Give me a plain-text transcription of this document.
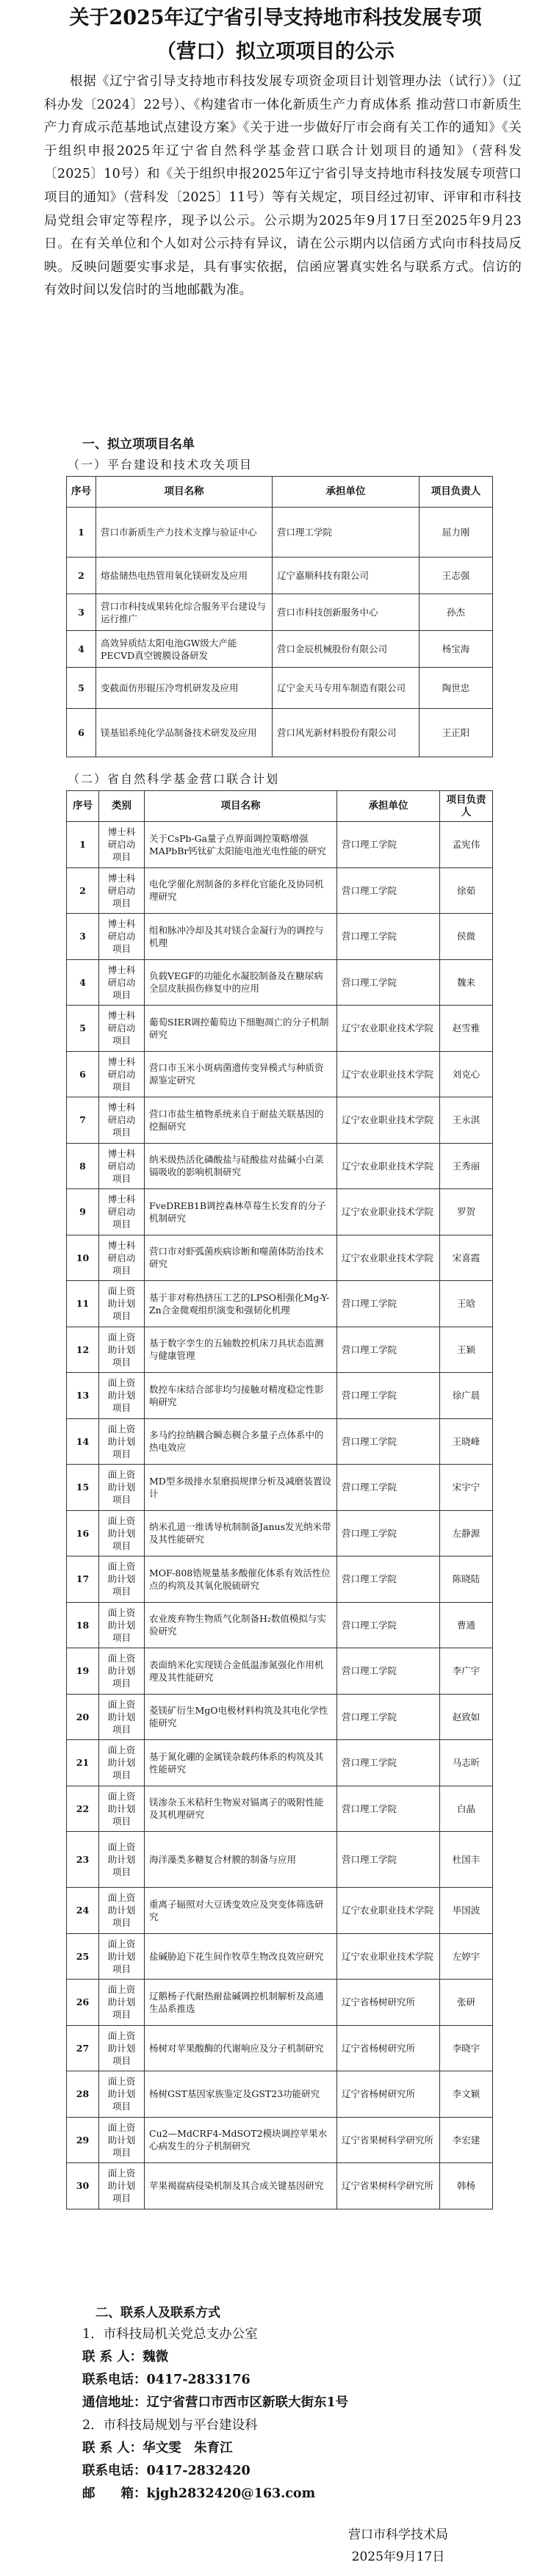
关于2025年辽宁省引导支持地市科技发展专项
（营口）拟立项项目的公示

根据《辽宁省引导支持地市科技发展专项资金项目计划管理办法（试行）》（辽科办发〔2024〕22号）、《构建省市一体化新质生产力育成体系 推动营口市新质生产力育成示范基地试点建设方案》《关于进一步做好厅市会商有关工作的通知》《关于组织申报2025年辽宁省自然科学基金营口联合计划项目的通知》（营科发〔2025〕10号）和《关于组织申报2025年辽宁省引导支持地市科技发展专项营口项目的通知》（营科发〔2025〕11号）等有关规定，项目经过初审、评审和市科技局党组会审定等程序，现予以公示。公示期为2025年9月17日至2025年9月23日。在有关单位和个人如对公示持有异议，请在公示期内以信函方式向市科技局反映。反映问题要实事求是，具有事实依据，信函应署真实姓名与联系方式。信访的有效时间以发信时的当地邮戳为准。

一、拟立项项目名单
（一）平台建设和技术攻关项目
序号	项目名称	承担单位	项目负责人
1	营口市新质生产力技术支撑与验证中心	营口理工学院	屈力刚
2	熔盐储热电热管用氧化镁研发及应用	辽宁嘉顺科技有限公司	王志强
3	营口市科技成果转化综合服务平台建设与运行推广	营口市科技创新服务中心	孙杰
4	高效异质结太阳电池GW级大产能PECVD真空镀膜设备研发	营口金辰机械股份有限公司	杨宝海
5	变截面仿形辊压冷弯机研发及应用	辽宁金天马专用车制造有限公司	陶世忠
6	镁基铝系纯化学品制备技术研发及应用	营口风光新材料股份有限公司	王正阳
（二）省自然科学基金营口联合计划
序号	类别	项目名称	承担单位	项目负责人
1	博士科研启动项目	关于CsPb-Ga量子点界面调控策略增强MAPbBr钙钛矿太阳能电池光电性能的研究	营口理工学院	孟宪伟
2	博士科研启动项目	电化学催化剂制备的多样化官能化及协同机理研究	营口理工学院	徐茹
3	博士科研启动项目	组和脉冲冷却及其对镁合金凝行为的调控与机理	营口理工学院	侯微
4	博士科研启动项目	负载VEGF的功能化水凝胶制备及在糖尿病全层皮肤损伤修复中的应用	营口理工学院	魏来
5	博士科研启动项目	葡萄SIER调控葡萄边下细胞凋亡的分子机制研究	辽宁农业职业技术学院	赵雪雅
6	博士科研启动项目	营口市玉米小斑病菌遗传变异模式与种质资源鉴定研究	辽宁农业职业技术学院	刘克心
7	博士科研启动项目	营口市盐生植物系统来自于耐盐关联基因的挖掘研究	辽宁农业职业技术学院	王永淇
8	博士科研启动项目	纳米级热活化磷酸盐与硅酸盐对盐碱小白菜镉吸收的影响机制研究	辽宁农业职业技术学院	王秀丽
9	博士科研启动项目	FveDREB1B调控森林草莓生长发育的分子机制研究	辽宁农业职业技术学院	罗贺
10	博士科研启动项目	营口市对虾弧菌疾病诊断和噬菌体防治技术研究	辽宁农业职业技术学院	宋喜霞
11	面上资助计划项目	基于非对称热挤压工艺的LPSO相强化Mg-Y-Zn合金微观组织演变和强韧化机理	营口理工学院	王晗
12	面上资助计划项目	基于数字孪生的五轴数控机床刀具状态监测与健康管理	营口理工学院	王颖
13	面上资助计划项目	数控车床结合部非均匀接触对精度稳定性影响研究	营口理工学院	徐广晨
14	面上资助计划项目	多马约拉纳耦合瞬态稠合多量子点体系中的热电效应	营口理工学院	王晓峰
15	面上资助计划项目	MD型多级排水泵磨损规律分析及减磨装置设计	营口理工学院	宋宇宁
16	面上资助计划项目	纳米孔道一维诱导杭制制备Janus发光纳米带及其性能研究	营口理工学院	左静源
17	面上资助计划项目	MOF-808锆规量基多酸催化体系有效活性位点的构筑及其氧化脱硫研究	营口理工学院	陈晓陆
18	面上资助计划项目	农业废弃物生物质气化制备H₂数值模拟与实验研究	营口理工学院	曹通
19	面上资助计划项目	表面纳米化实现镁合金低温渗氮强化作用机理及其性能研究	营口理工学院	李广宇
20	面上资助计划项目	菱镁矿衍生MgO电极材料构筑及其电化学性能研究	营口理工学院	赵致如
21	面上资助计划项目	基于氮化硼的金属镁杂载药体系的构筑及其性能研究	营口理工学院	马志昕
22	面上资助计划项目	镁渗杂玉米秸秆生物炭对镉离子的吸附性能及其机理研究	营口理工学院	白晶
23	面上资助计划项目	海洋藻类多糖复合材膜的制备与应用	营口理工学院	杜国丰
24	面上资助计划项目	重离子辐照对大豆诱变效应及突变体筛选研究	辽宁农业职业技术学院	毕国波
25	面上资助计划项目	盐碱胁迫下花生间作牧草生物改良效应研究	辽宁农业职业技术学院	左婷宇
26	面上资助计划项目	辽鹅杨子代耐热耐盐碱调控机制解析及高通生品系推选	辽宁省杨树研究所	张研
27	面上资助计划项目	杨树对苹果酸酶的代谢响应及分子机制研究	辽宁省杨树研究所	李晓宇
28	面上资助计划项目	杨树GST基因家族鉴定及GST23功能研究	辽宁省杨树研究所	李文颖
29	面上资助计划项目	Cu2—MdCRF4-MdSOT2模块调控苹果水心病发生的分子机制研究	辽宁省果树科学研究所	李宏建
30	面上资助计划项目	苹果褐腐病侵染机制及其合成关键基因研究	辽宁省果树科学研究所	韩杨
二、联系人及联系方式
1．市科技局机关党总支办公室
联 系 人：魏微
联系电话：0417-2833176
通信地址：辽宁省营口市西市区新联大街东1号
2．市科技局规划与平台建设科
联 系 人：华文雯　朱育江
联系电话：0417-2832420
邮　　箱：kjgh2832420@163.com
营口市科学技术局
2025年9月17日
